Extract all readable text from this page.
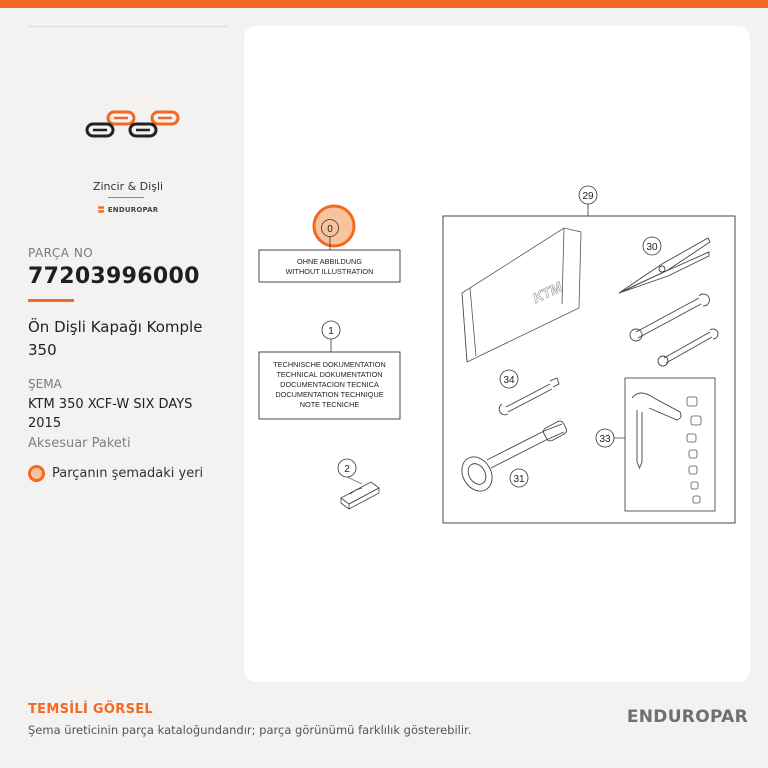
Zincir & Dişli
〓 ENDUROPAR
PARÇA NO
77203996000
Ön Dişli Kapağı Komple 350
ŞEMA
KTM 350 XCF-W SIX DAYS 2015
Aksesuar Paketi
Parçanın şemadaki yeri
0
OHNE ABBILDUNG
WITHOUT ILLUSTRATION
1
TECHNISCHE DOKUMENTATION
TECHNICAL DOKUMENTATION
DOCUMENTACION TECNICA
DOCUMENTATION TECHNIQUE
NOTE TECNICHE
2
29
KTM
30
34
31
33
TEMSİLİ GÖRSEL
Şema üreticinin parça kataloğundandır; parça görünümü farklılık gösterebilir.
ENDUROPAR
